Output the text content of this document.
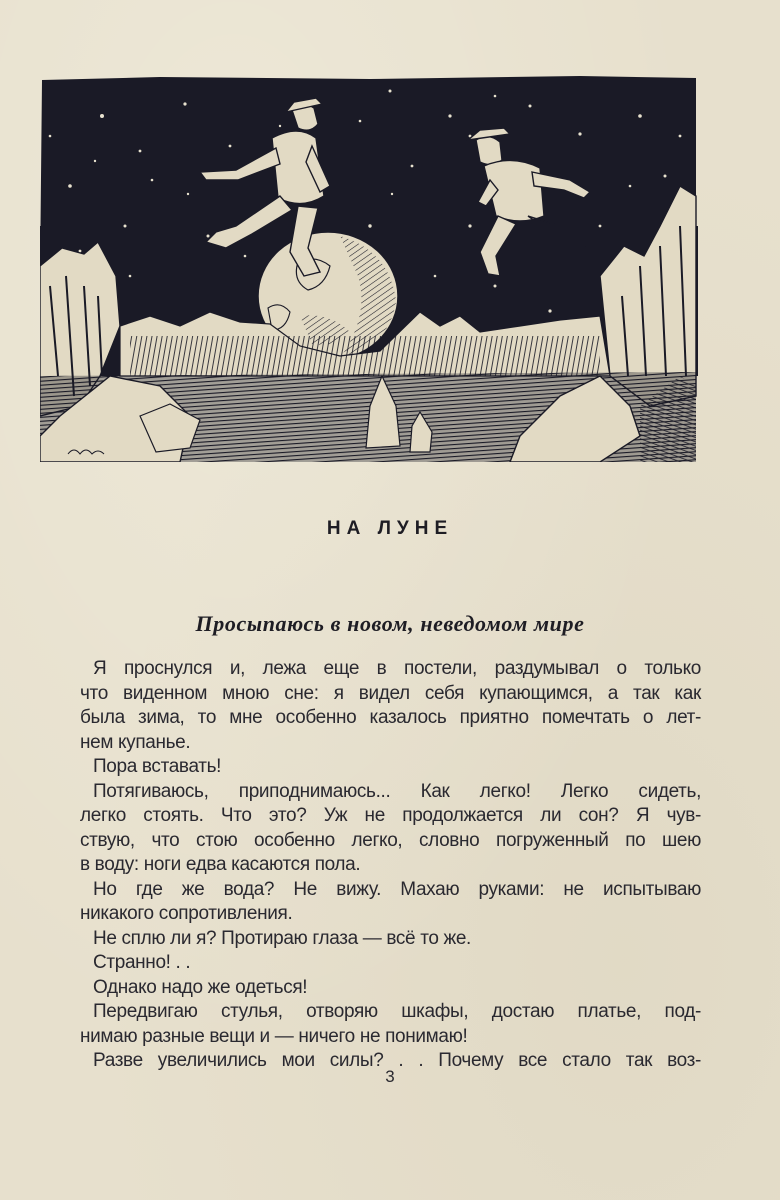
НА ЛУНЕ
Просыпаюсь в новом, неведомом мире
Я проснулся и, лежа еще в постели, раздумывал о только
что виденном мною сне: я видел себя купающимся, а так как
была зима, то мне особенно казалось приятно помечтать о лет-
нем купанье.
Пора вставать!
Потягиваюсь, приподнимаюсь... Как легко! Легко сидеть,
легко стоять. Что это? Уж не продолжается ли сон? Я чув-
ствую, что стою особенно легко, словно погруженный по шею
в воду: ноги едва касаются пола.
Но где же вода? Не вижу. Махаю руками: не испытываю
никакого сопротивления.
Не сплю ли я? Протираю глаза — всё то же.
Странно! . .
Однако надо же одеться!
Передвигаю стулья, отворяю шкафы, достаю платье, под-
нимаю разные вещи и — ничего не понимаю!
Разве увеличились мои силы? . . Почему все стало так воз-
3
